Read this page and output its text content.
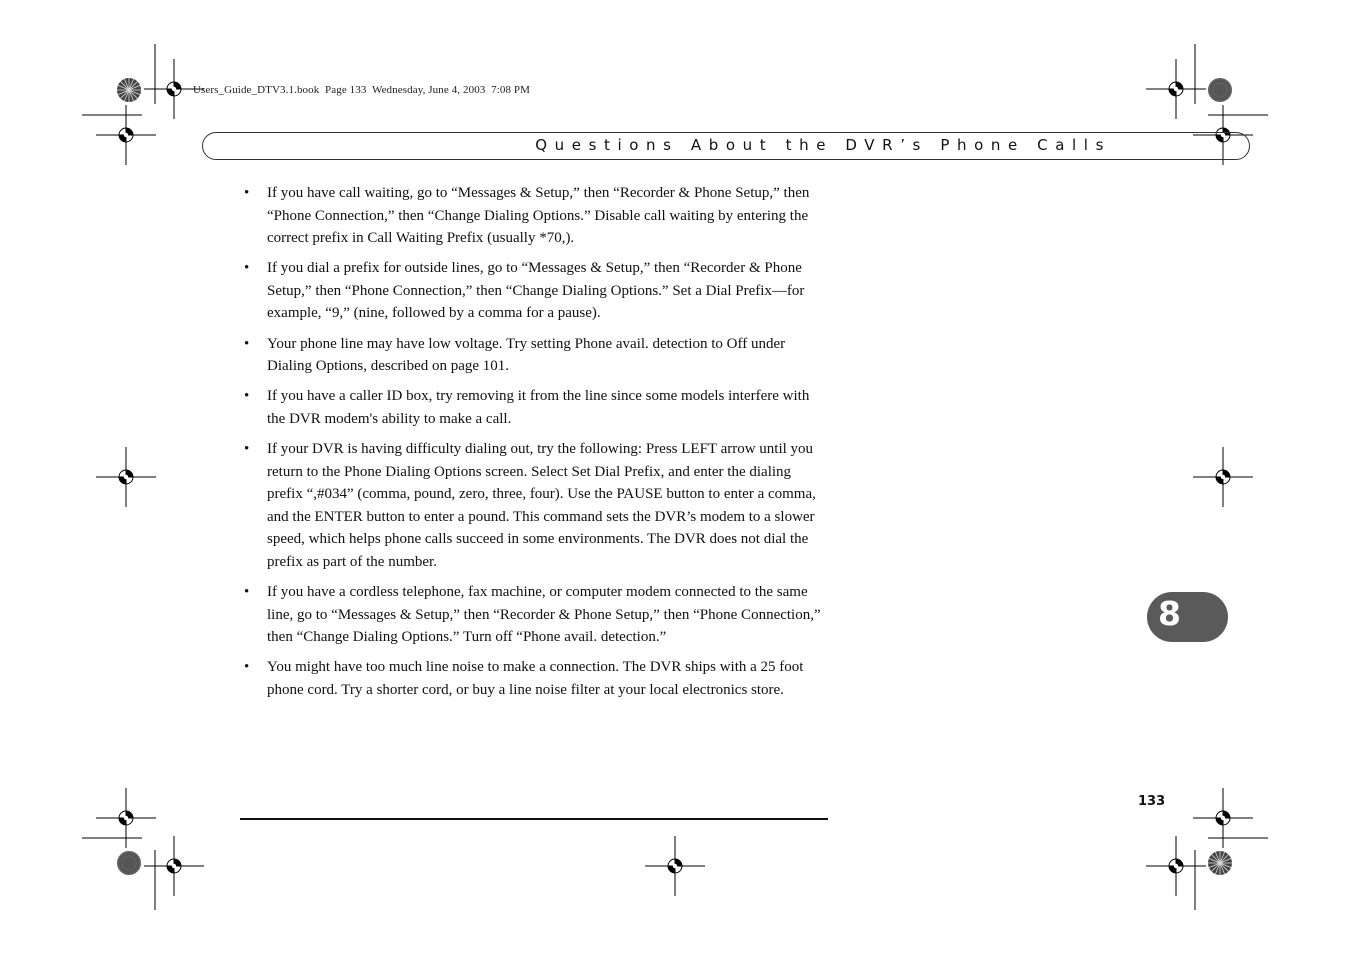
Users_Guide_DTV3.1.book  Page 133  Wednesday, June 4, 2003  7:08 PM
Questions About the DVR’s Phone Calls
• If you have call waiting, go to “Messages & Setup,” then “Recorder & Phone Setup,” then “Phone Connection,” then “Change Dialing Options.” Disable call waiting by entering the correct prefix in Call Waiting Prefix (usually *70,).
• If you dial a prefix for outside lines, go to “Messages & Setup,” then “Recorder & Phone Setup,” then “Phone Connection,” then “Change Dialing Options.” Set a Dial Prefix—for example, “9,” (nine, followed by a comma for a pause).
• Your phone line may have low voltage. Try setting Phone avail. detection to Off under Dialing Options, described on page 101.
• If you have a caller ID box, try removing it from the line since some models interfere with the DVR modem's ability to make a call.
• If your DVR is having difficulty dialing out, try the following: Press LEFT arrow until you return to the Phone Dialing Options screen. Select Set Dial Prefix, and enter the dialing prefix “,#034” (comma, pound, zero, three, four). Use the PAUSE button to enter a comma, and the ENTER button to enter a pound. This command sets the DVR’s modem to a slower speed, which helps phone calls succeed in some environments. The DVR does not dial the prefix as part of the number.
• If you have a cordless telephone, fax machine, or computer modem connected to the same line, go to “Messages & Setup,” then “Recorder & Phone Setup,” then “Phone Connection,” then “Change Dialing Options.” Turn off “Phone avail. detection.”
• You might have too much line noise to make a connection. The DVR ships with a 25 foot phone cord. Try a shorter cord, or buy a line noise filter at your local electronics store.
8
133
